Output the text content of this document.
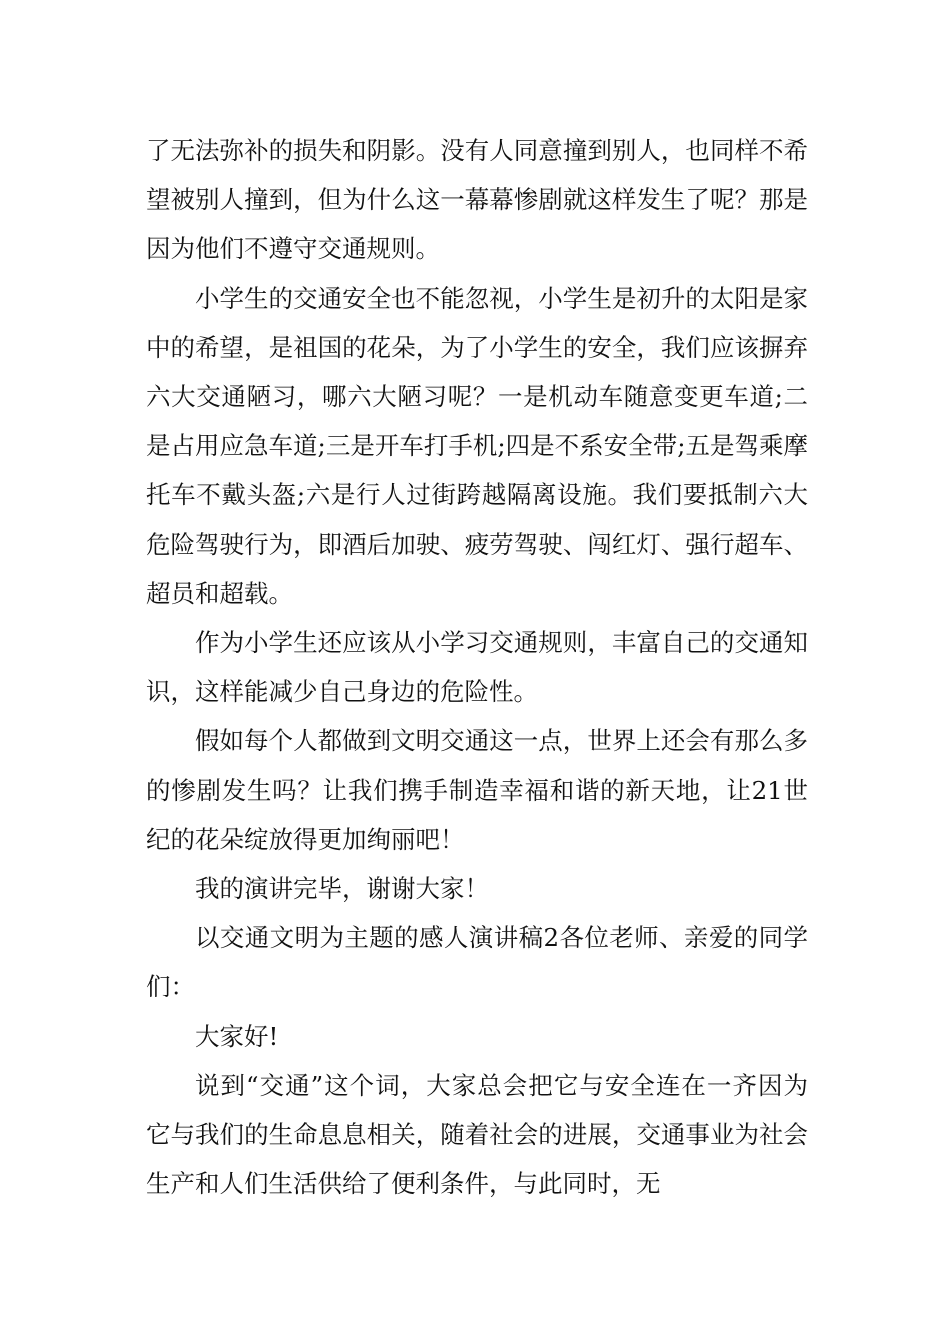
了无法弥补的损失和阴影。没有人同意撞到别人，也同样不希望被别人撞到，但为什么这一幕幕惨剧就这样发生了呢？那是因为他们不遵守交通规则。

小学生的交通安全也不能忽视，小学生是初升的太阳是家中的希望，是祖国的花朵，为了小学生的安全，我们应该摒弃六大交通陋习，哪六大陋习呢？一是机动车随意变更车道;二是占用应急车道;三是开车打手机;四是不系安全带;五是驾乘摩托车不戴头盔;六是行人过街跨越隔离设施。我们要抵制六大危险驾驶行为，即酒后加驶、疲劳驾驶、闯红灯、强行超车、超员和超载。

作为小学生还应该从小学习交通规则，丰富自己的交通知识，这样能减少自己身边的危险性。

假如每个人都做到文明交通这一点，世界上还会有那么多的惨剧发生吗？让我们携手制造幸福和谐的新天地，让21世纪的花朵绽放得更加绚丽吧！

我的演讲完毕，谢谢大家！

以交通文明为主题的感人演讲稿2各位老师、亲爱的同学们：

大家好!

说到“交通”这个词，大家总会把它与安全连在一齐因为它与我们的生命息息相关，随着社会的进展，交通事业为社会生产和人们生活供给了便利条件，与此同时，无
